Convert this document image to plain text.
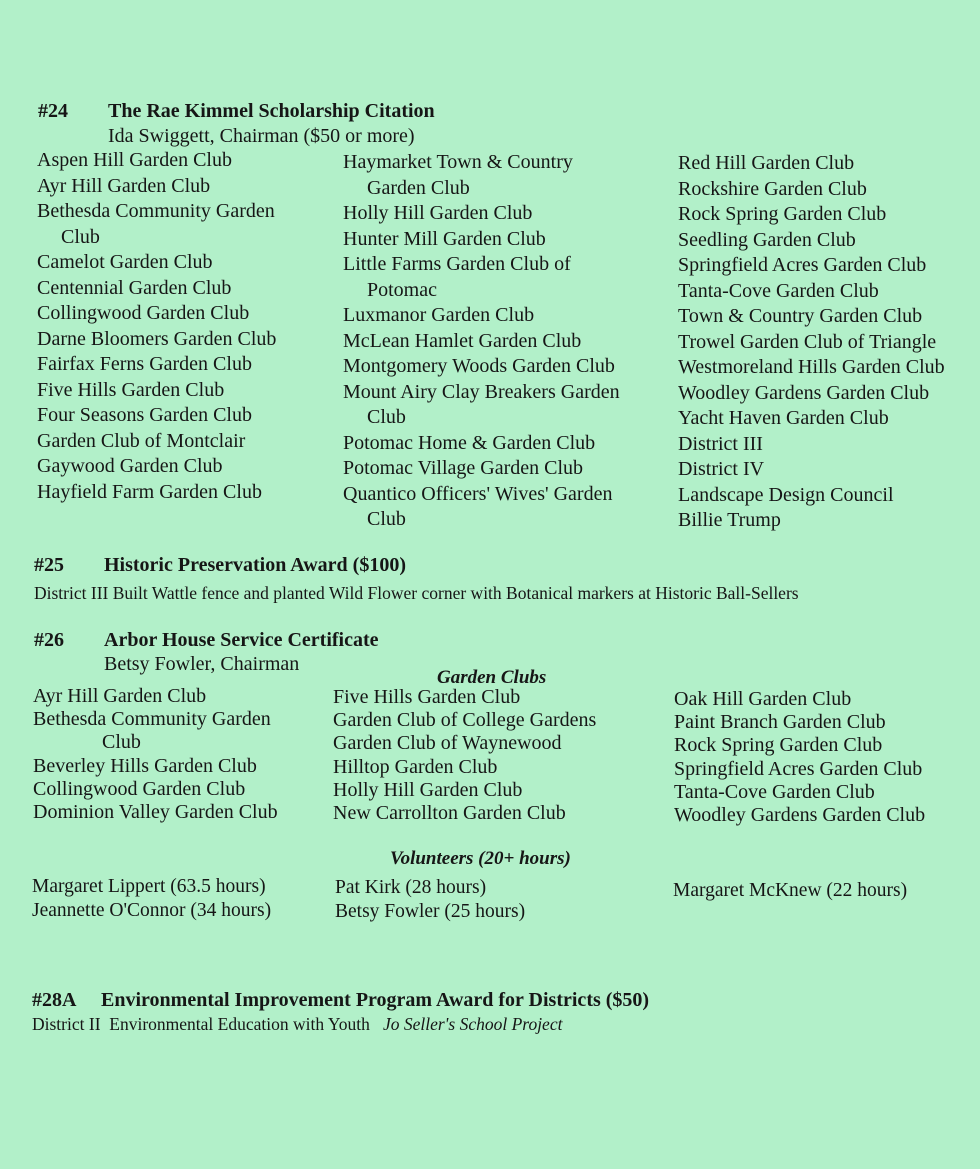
#24 The Rae Kimmel Scholarship Citation
Ida Swiggett, Chairman ($50 or more)
Aspen Hill Garden Club
Ayr Hill Garden Club
Bethesda Community Garden
Club
Camelot Garden Club
Centennial Garden Club
Collingwood Garden Club
Darne Bloomers Garden Club
Fairfax Ferns Garden Club
Five Hills Garden Club
Four Seasons Garden Club
Garden Club of Montclair
Gaywood Garden Club
Hayfield Farm Garden Club
Haymarket Town & Country
Garden Club
Holly Hill Garden Club
Hunter Mill Garden Club
Little Farms Garden Club of
Potomac
Luxmanor Garden Club
McLean Hamlet Garden Club
Montgomery Woods Garden Club
Mount Airy Clay Breakers Garden
Club
Potomac Home & Garden Club
Potomac Village Garden Club
Quantico Officers' Wives' Garden
Club
Red Hill Garden Club
Rockshire Garden Club
Rock Spring Garden Club
Seedling Garden Club
Springfield Acres Garden Club
Tanta-Cove Garden Club
Town & Country Garden Club
Trowel Garden Club of Triangle
Westmoreland Hills Garden Club
Woodley Gardens Garden Club
Yacht Haven Garden Club
District III
District IV
Landscape Design Council
Billie Trump
#25 Historic Preservation Award ($100)
District III Built Wattle fence and planted Wild Flower corner with Botanical markers at Historic Ball-Sellers
#26 Arbor House Service Certificate
Betsy Fowler, Chairman
Garden Clubs
Ayr Hill Garden Club
Bethesda Community Garden
Club
Beverley Hills Garden Club
Collingwood Garden Club
Dominion Valley Garden Club
Five Hills Garden Club
Garden Club of College Gardens
Garden Club of Waynewood
Hilltop Garden Club
Holly Hill Garden Club
New Carrollton Garden Club
Oak Hill Garden Club
Paint Branch Garden Club
Rock Spring Garden Club
Springfield Acres Garden Club
Tanta-Cove Garden Club
Woodley Gardens Garden Club
Volunteers (20+ hours)
Margaret Lippert (63.5 hours)
Jeannette O'Connor (34 hours)
Pat Kirk (28 hours)
Betsy Fowler (25 hours)
Margaret McKnew (22 hours)
#28A Environmental Improvement Program Award for Districts ($50)
District II Environmental Education with Youth Jo Seller's School Project
